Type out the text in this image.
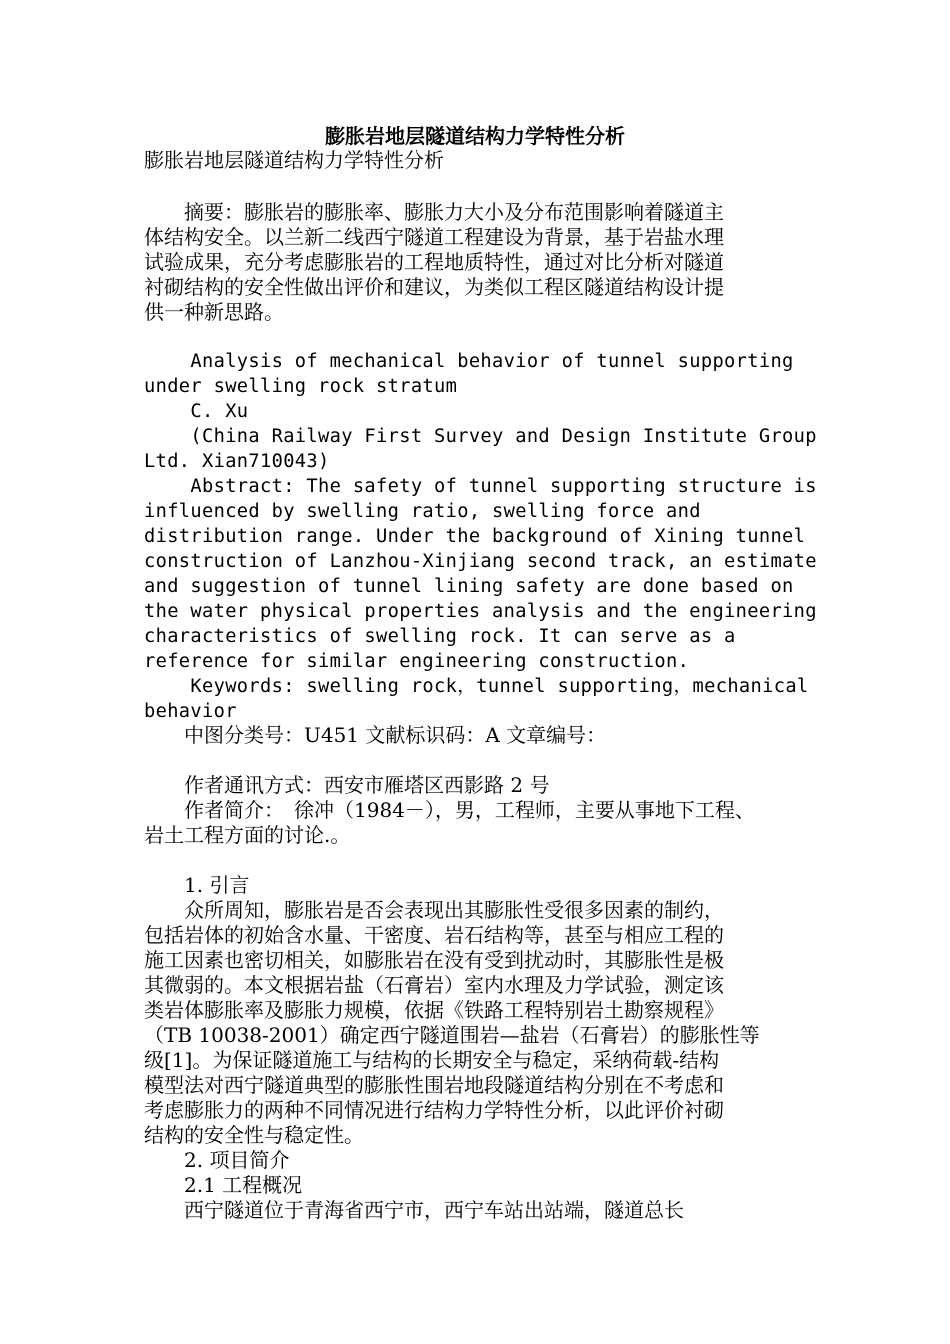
膨胀岩地层隧道结构力学特性分析
膨胀岩地层隧道结构力学特性分析
　　摘要：膨胀岩的膨胀率、膨胀力大小及分布范围影响着隧道主
体结构安全。以兰新二线西宁隧道工程建设为背景，基于岩盐水理
试验成果，充分考虑膨胀岩的工程地质特性，通过对比分析对隧道
衬砌结构的安全性做出评价和建议，为类似工程区隧道结构设计提
供一种新思路。
Analysis of mechanical behavior of tunnel supporting
under swelling rock stratum
C. Xu
(China Railway First Survey and Design Institute Group
Ltd. Xian710043)
Abstract: The safety of tunnel supporting structure is
influenced by swelling ratio, swelling force and
distribution range. Under the background of Xining tunnel
construction of Lanzhou-Xinjiang second track, an estimate
and suggestion of tunnel lining safety are done based on
the water physical properties analysis and the engineering
characteristics of swelling rock. It can serve as a
reference for similar engineering construction.
Keywords: swelling rock，tunnel supporting，mechanical
behavior
　　中图分类号：U451 文献标识码：A 文章编号：
　　作者通讯方式：西安市雁塔区西影路 2 号
　　作者简介：　徐冲（1984－），男，工程师，主要从事地下工程、
岩土工程方面的讨论.。
　　1. 引言
　　众所周知，膨胀岩是否会表现出其膨胀性受很多因素的制约，
包括岩体的初始含水量、干密度、岩石结构等，甚至与相应工程的
施工因素也密切相关，如膨胀岩在没有受到扰动时，其膨胀性是极
其微弱的。本文根据岩盐（石膏岩）室内水理及力学试验，测定该
类岩体膨胀率及膨胀力规模，依据《铁路工程特别岩土勘察规程》
（TB 10038-2001）确定西宁隧道围岩—盐岩（石膏岩）的膨胀性等
级[1]。为保证隧道施工与结构的长期安全与稳定，采纳荷载-结构
模型法对西宁隧道典型的膨胀性围岩地段隧道结构分别在不考虑和
考虑膨胀力的两种不同情况进行结构力学特性分析，以此评价衬砌
结构的安全性与稳定性。
　　2. 项目简介
　　2.1 工程概况
　　西宁隧道位于青海省西宁市，西宁车站出站端，隧道总长
